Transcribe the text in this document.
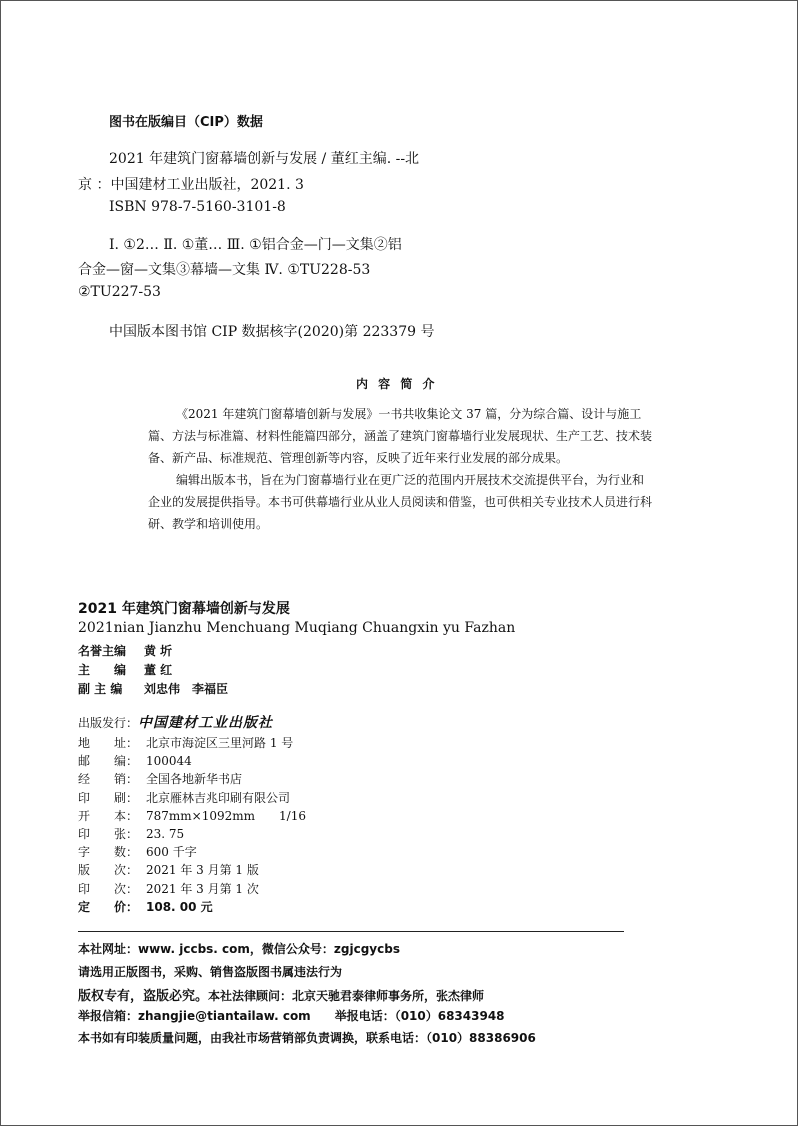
图书在版编目（CIP）数据
2021 年建筑门窗幕墙创新与发展 / 董红主编. --北
京 ：中国建材工业出版社，2021. 3
ISBN 978-7-5160-3101-8
Ⅰ. ①2… Ⅱ. ①董… Ⅲ. ①铝合金—门—文集②铝
合金—窗—文集③幕墙—文集 Ⅳ. ①TU228-53
②TU227-53
中国版本图书馆 CIP 数据核字(2020)第 223379 号
内 容 简 介

《2021 年建筑门窗幕墙创新与发展》一书共收集论文 37 篇，分为综合篇、设计与施工篇、方法与标准篇、材料性能篇四部分，涵盖了建筑门窗幕墙行业发展现状、生产工艺、技术装备、新产品、标准规范、管理创新等内容，反映了近年来行业发展的部分成果。

编辑出版本书，旨在为门窗幕墙行业在更广泛的范围内开展技术交流提供平台，为行业和企业的发展提供指导。本书可供幕墙行业从业人员阅读和借鉴，也可供相关专业技术人员进行科研、教学和培训使用。

2021 年建筑门窗幕墙创新与发展
2021nian Jianzhu Menchuang Muqiang Chuangxin yu Fazhan
名誉主编 黄 圻
主　　编 董 红
副 主 编 刘忠伟　李福臣
出版发行：中国建材工业出版社
地　　址： 北京市海淀区三里河路 1 号
邮　　编： 100044
经　　销： 全国各地新华书店
印　　刷： 北京雁林吉兆印刷有限公司
开　　本： 787mm×1092mm　　1/16
印　　张： 23. 75
字　　数： 600 千字
版　　次： 2021 年 3 月第 1 版
印　　次： 2021 年 3 月第 1 次
定　　价： 108. 00 元
本社网址：www. jccbs. com，微信公众号：zgjcgycbs
请选用正版图书，采购、销售盗版图书属违法行为
版权专有，盗版必究。本社法律顾问：北京天驰君泰律师事务所，张杰律师
举报信箱：zhangjie@tiantailaw. com　　举报电话：（010）68343948
本书如有印装质量问题，由我社市场营销部负责调换，联系电话：（010）88386906
